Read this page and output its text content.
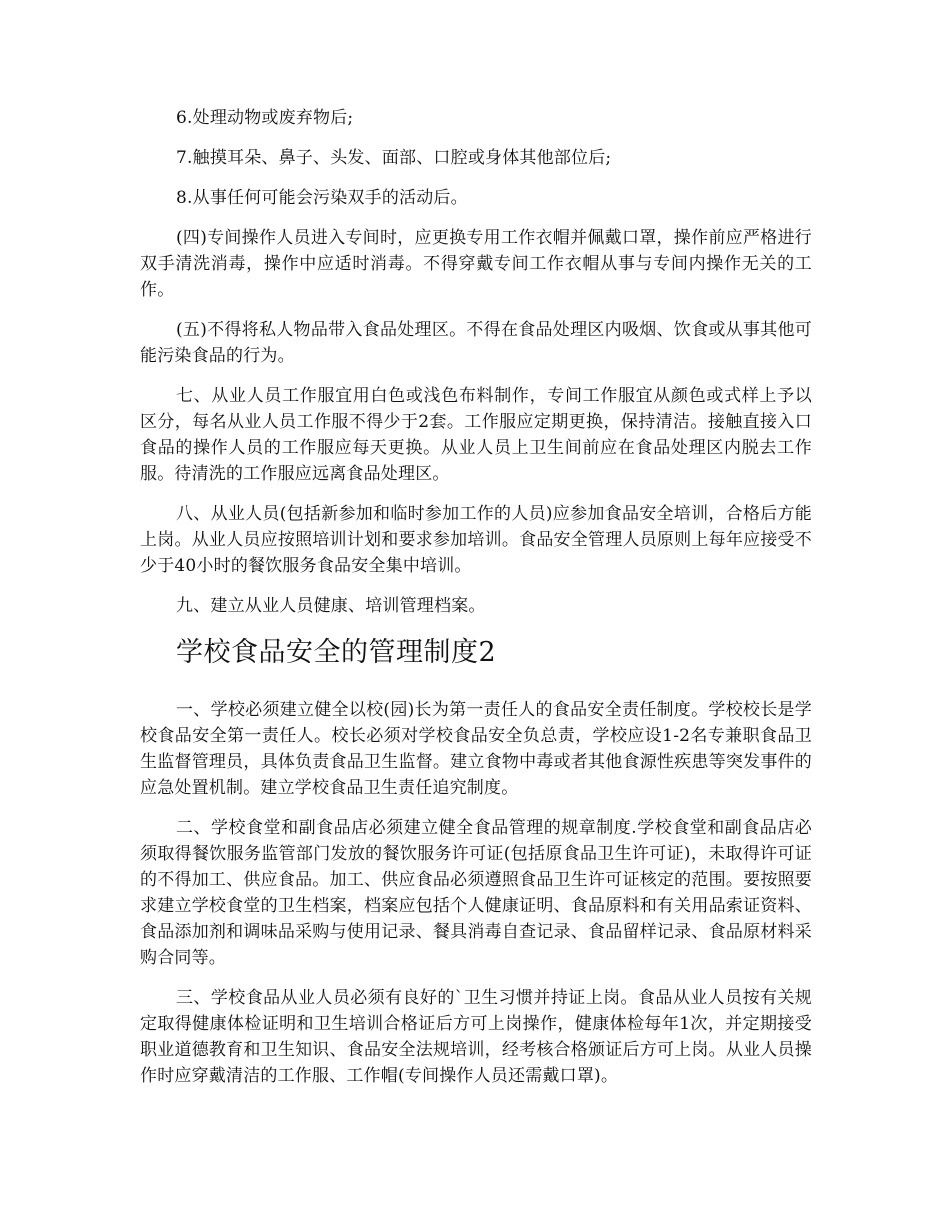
6.处理动物或废弃物后;

7.触摸耳朵、鼻子、头发、面部、口腔或身体其他部位后;

8.从事任何可能会污染双手的活动后。

(四)专间操作人员进入专间时，应更换专用工作衣帽并佩戴口罩，操作前应严格进行双手清洗消毒，操作中应适时消毒。不得穿戴专间工作衣帽从事与专间内操作无关的工作。

(五)不得将私人物品带入食品处理区。不得在食品处理区内吸烟、饮食或从事其他可能污染食品的行为。

七、从业人员工作服宜用白色或浅色布料制作，专间工作服宜从颜色或式样上予以区分，每名从业人员工作服不得少于2套。工作服应定期更换，保持清洁。接触直接入口食品的操作人员的工作服应每天更换。从业人员上卫生间前应在食品处理区内脱去工作服。待清洗的工作服应远离食品处理区。

八、从业人员(包括新参加和临时参加工作的人员)应参加食品安全培训，合格后方能上岗。从业人员应按照培训计划和要求参加培训。食品安全管理人员原则上每年应接受不少于40小时的餐饮服务食品安全集中培训。

九、建立从业人员健康、培训管理档案。

学校食品安全的管理制度2

一、学校必须建立健全以校(园)长为第一责任人的食品安全责任制度。学校校长是学校食品安全第一责任人。校长必须对学校食品安全负总责，学校应设1-2名专兼职食品卫生监督管理员，具体负责食品卫生监督。建立食物中毒或者其他食源性疾患等突发事件的应急处置机制。建立学校食品卫生责任追究制度。

二、学校食堂和副食品店必须建立健全食品管理的规章制度.学校食堂和副食品店必须取得餐饮服务监管部门发放的餐饮服务许可证(包括原食品卫生许可证)，未取得许可证的不得加工、供应食品。加工、供应食品必须遵照食品卫生许可证核定的范围。要按照要求建立学校食堂的卫生档案，档案应包括个人健康证明、食品原料和有关用品索证资料、食品添加剂和调味品采购与使用记录、餐具消毒自查记录、食品留样记录、食品原材料采购合同等。

三、学校食品从业人员必须有良好的`卫生习惯并持证上岗。食品从业人员按有关规定取得健康体检证明和卫生培训合格证后方可上岗操作，健康体检每年1次，并定期接受职业道德教育和卫生知识、食品安全法规培训，经考核合格颁证后方可上岗。从业人员操作时应穿戴清洁的工作服、工作帽(专间操作人员还需戴口罩)。
